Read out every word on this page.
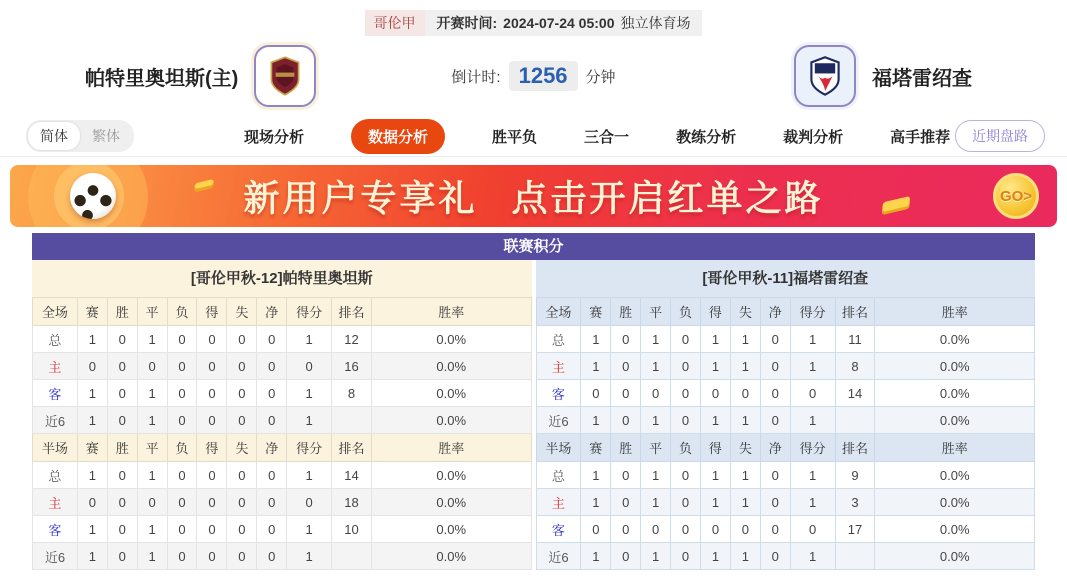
哥伦甲	开赛时间: 2024-07-24 05:00 独立体育场
帕特里奥坦斯(主)	倒计时: 1256	分钟	福塔雷绍查
简体	繁体	现场分析	数据分析	胜平负	三合一	教练分析	裁判分析	高手推荐	近期盘路
新用户专享礼 点击开启红单之路	GO>
联赛积分
[哥伦甲秋-12]帕特里奥坦斯
全场	赛	胜	平	负	得	失	净	得分	排名	胜率
总	1	0	1	0	0	0	0	1	12	0.0%
主	0	0	0	0	0	0	0	0	16	0.0%
客	1	0	1	0	0	0	0	1	8	0.0%
近6	1	0	1	0	0	0	0	1		0.0%
半场	赛	胜	平	负	得	失	净	得分	排名	胜率
总	1	0	1	0	0	0	0	1	14	0.0%
主	0	0	0	0	0	0	0	0	18	0.0%
客	1	0	1	0	0	0	0	1	10	0.0%
近6	1	0	1	0	0	0	0	1		0.0%
[哥伦甲秋-11]福塔雷绍查
全场	赛	胜	平	负	得	失	净	得分	排名	胜率
总	1	0	1	0	1	1	0	1	11	0.0%
主	1	0	1	0	1	1	0	1	8	0.0%
客	0	0	0	0	0	0	0	0	14	0.0%
近6	1	0	1	0	1	1	0	1		0.0%
半场	赛	胜	平	负	得	失	净	得分	排名	胜率
总	1	0	1	0	1	1	0	1	9	0.0%
主	1	0	1	0	1	1	0	1	3	0.0%
客	0	0	0	0	0	0	0	0	17	0.0%
近6	1	0	1	0	1	1	0	1		0.0%
